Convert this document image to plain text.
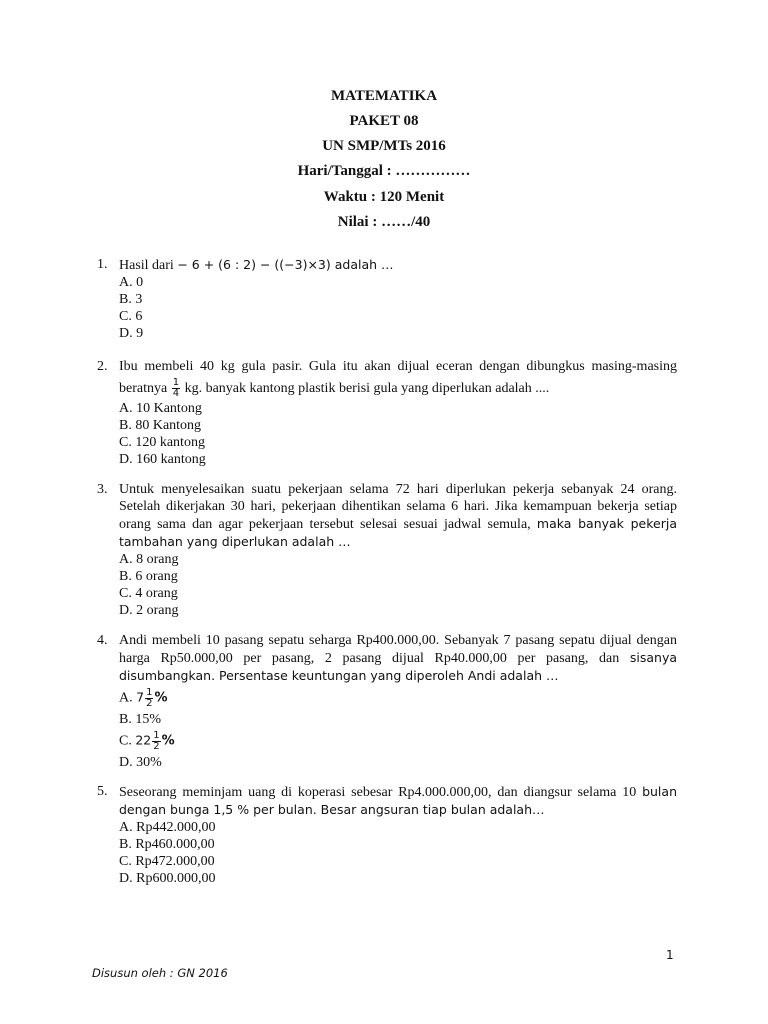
MATEMATIKA
PAKET 08
UN SMP/MTs 2016
Hari/Tanggal : ……………
Waktu : 120 Menit
Nilai : ……/40
1. Hasil dari − 6 + (6 : 2) − ((−3)×3) adalah …
A. 0
B. 3
C. 6
D. 9
2. Ibu membeli 40 kg gula pasir. Gula itu akan dijual eceran dengan dibungkus masing-masing beratnya $\frac{1}{4}$ kg. banyak kantong plastik berisi gula yang diperlukan adalah ....
A. 10 Kantong
B. 80 Kantong
C. 120 kantong
D. 160 kantong
3. Untuk menyelesaikan suatu pekerjaan selama 72 hari diperlukan pekerja sebanyak 24 orang. Setelah dikerjakan 30 hari, pekerjaan dihentikan selama 6 hari. Jika kemampuan bekerja setiap orang sama dan agar pekerjaan tersebut selesai sesuai jadwal semula, maka banyak pekerja tambahan yang diperlukan adalah …
A. 8 orang
B. 6 orang
C. 4 orang
D. 2 orang
4. Andi membeli 10 pasang sepatu seharga Rp400.000,00. Sebanyak 7 pasang sepatu dijual dengan harga Rp50.000,00 per pasang, 2 pasang dijual Rp40.000,00 per pasang, dan sisanya disumbangkan. Persentase keuntungan yang diperoleh Andi adalah …
A. $7 \frac{1}{2}$ %
B. 15%
C. $22 \frac{1}{2}$ %
D. 30%
5. Seseorang meminjam uang di koperasi sebesar Rp4.000.000,00, dan diangsur selama 10 bulan dengan bunga 1,5 % per bulan. Besar angsuran tiap bulan adalah…
A. Rp442.000,00
B. Rp460.000,00
C. Rp472.000,00
D. Rp600.000,00
1
Disusun oleh : GN 2016
